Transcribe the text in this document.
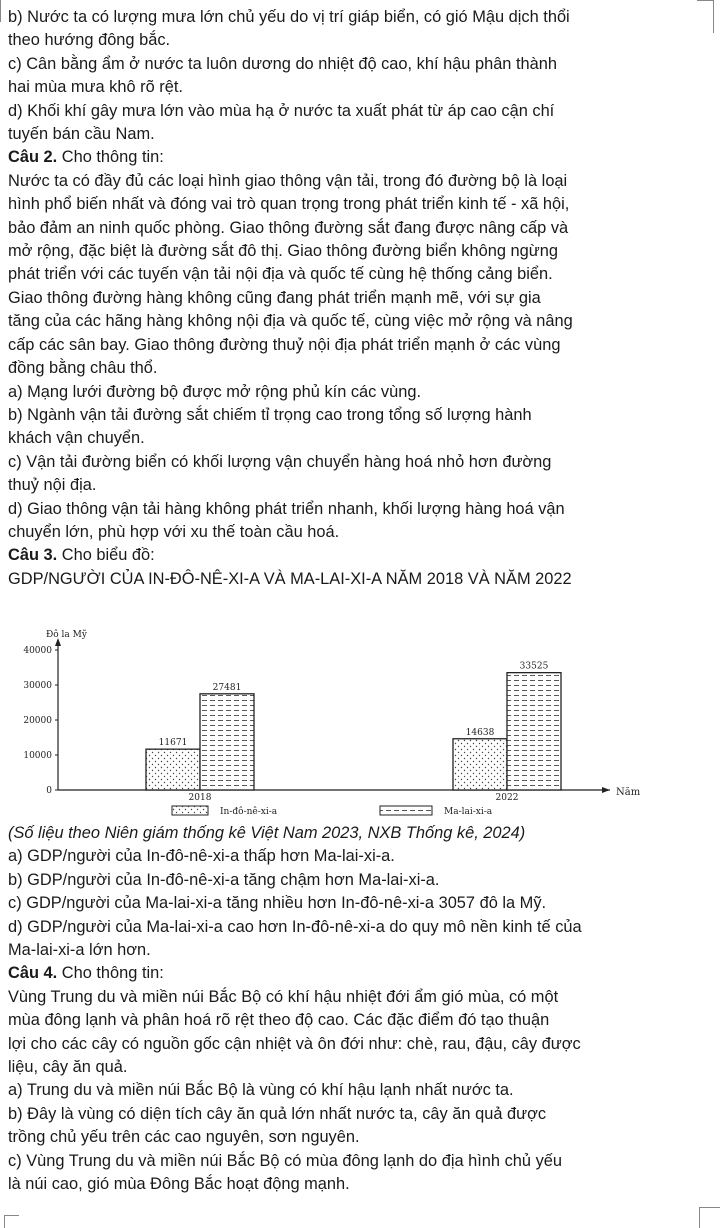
b) Nước ta có lượng mưa lớn chủ yếu do vị trí giáp biển, có gió Mậu dịch thổi
theo hướng đông bắc.
c) Cân bằng ẩm ở nước ta luôn dương do nhiệt độ cao, khí hậu phân thành
hai mùa mưa khô rõ rệt.
d) Khối khí gây mưa lớn vào mùa hạ ở nước ta xuất phát từ áp cao cận chí
tuyến bán cầu Nam.
Câu 2. Cho thông tin:
Nước ta có đầy đủ các loại hình giao thông vận tải, trong đó đường bộ là loại
hình phổ biến nhất và đóng vai trò quan trọng trong phát triển kinh tế - xã hội,
bảo đảm an ninh quốc phòng. Giao thông đường sắt đang được nâng cấp và
mở rộng, đặc biệt là đường sắt đô thị. Giao thông đường biển không ngừng
phát triển với các tuyến vận tải nội địa và quốc tế cùng hệ thống cảng biển.
Giao thông đường hàng không cũng đang phát triển mạnh mẽ, với sự gia
tăng của các hãng hàng không nội địa và quốc tế, cùng việc mở rộng và nâng
cấp các sân bay. Giao thông đường thuỷ nội địa phát triển mạnh ở các vùng
đồng bằng châu thổ.
a) Mạng lưới đường bộ được mở rộng phủ kín các vùng.
b) Ngành vận tải đường sắt chiếm tỉ trọng cao trong tổng số lượng hành
khách vận chuyển.
c) Vận tải đường biển có khối lượng vận chuyển hàng hoá nhỏ hơn đường
thuỷ nội địa.
d) Giao thông vận tải hàng không phát triển nhanh, khối lượng hàng hoá vận
chuyển lớn, phù hợp với xu thế toàn cầu hoá.
Câu 3. Cho biểu đồ:
GDP/NGƯỜI CỦA IN-ĐÔ-NÊ-XI-A VÀ MA-LAI-XI-A NĂM 2018 VÀ NĂM 2022
Đô la Mỹ
0
10000
20000
30000
40000
Năm
11671
27481
2018
14638
33525
2022
In-đô-nê-xi-a	Ma-lai-xi-a
(Số liệu theo Niên giám thống kê Việt Nam 2023, NXB Thống kê, 2024)
a) GDP/người của In-đô-nê-xi-a thấp hơn Ma-lai-xi-a.
b) GDP/người của In-đô-nê-xi-a tăng chậm hơn Ma-lai-xi-a.
c) GDP/người của Ma-lai-xi-a tăng nhiều hơn In-đô-nê-xi-a 3057 đô la Mỹ.
d) GDP/người của Ma-lai-xi-a cao hơn In-đô-nê-xi-a do quy mô nền kinh tế của
Ma-lai-xi-a lớn hơn.
Câu 4. Cho thông tin:
Vùng Trung du và miền núi Bắc Bộ có khí hậu nhiệt đới ẩm gió mùa, có một
mùa đông lạnh và phân hoá rõ rệt theo độ cao. Các đặc điểm đó tạo thuận
lợi cho các cây có nguồn gốc cận nhiệt và ôn đới như: chè, rau, đậu, cây được
liệu, cây ăn quả.
a) Trung du và miền núi Bắc Bộ là vùng có khí hậu lạnh nhất nước ta.
b) Đây là vùng có diện tích cây ăn quả lớn nhất nước ta, cây ăn quả được
trồng chủ yếu trên các cao nguyên, sơn nguyên.
c) Vùng Trung du và miền núi Bắc Bộ có mùa đông lạnh do địa hình chủ yếu
là núi cao, gió mùa Đông Bắc hoạt động mạnh.
